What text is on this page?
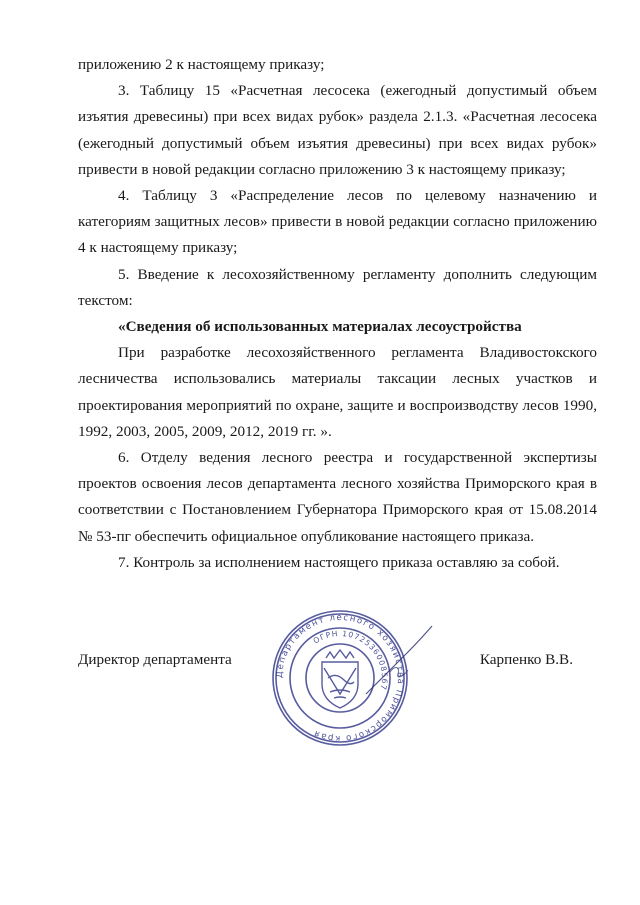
приложению 2 к настоящему приказу;

3. Таблицу 15 «Расчетная лесосека (ежегодный допустимый объем изъятия древесины) при всех видах рубок» раздела 2.1.3. «Расчетная лесосека (ежегодный допустимый объем изъятия древесины) при всех видах рубок» привести в новой редакции согласно приложению 3 к настоящему приказу;

4. Таблицу 3 «Распределение лесов по целевому назначению и категориям защитных лесов» привести в новой редакции согласно приложению 4 к настоящему приказу;

5. Введение к лесохозяйственному регламенту дополнить следующим текстом:

«Сведения об использованных материалах лесоустройства

При разработке лесохозяйственного регламента Владивостокского лесничества использовались материалы таксации лесных участков и проектирования мероприятий по охране, защите и воспроизводству лесов 1990, 1992, 2003, 2005, 2009, 2012, 2019 гг. ».

6. Отделу ведения лесного реестра и государственной экспертизы проектов освоения лесов департамента лесного хозяйства Приморского края в соответствии с Постановлением Губернатора Приморского края от 15.08.2014 № 53-пг обеспечить официальное опубликование настоящего приказа.

7. Контроль за исполнением настоящего приказа оставляю за собой.

Департамент лесного хозяйства Приморского края
ОГРН 1072536008567
Директор департамента	Карпенко В.В.
